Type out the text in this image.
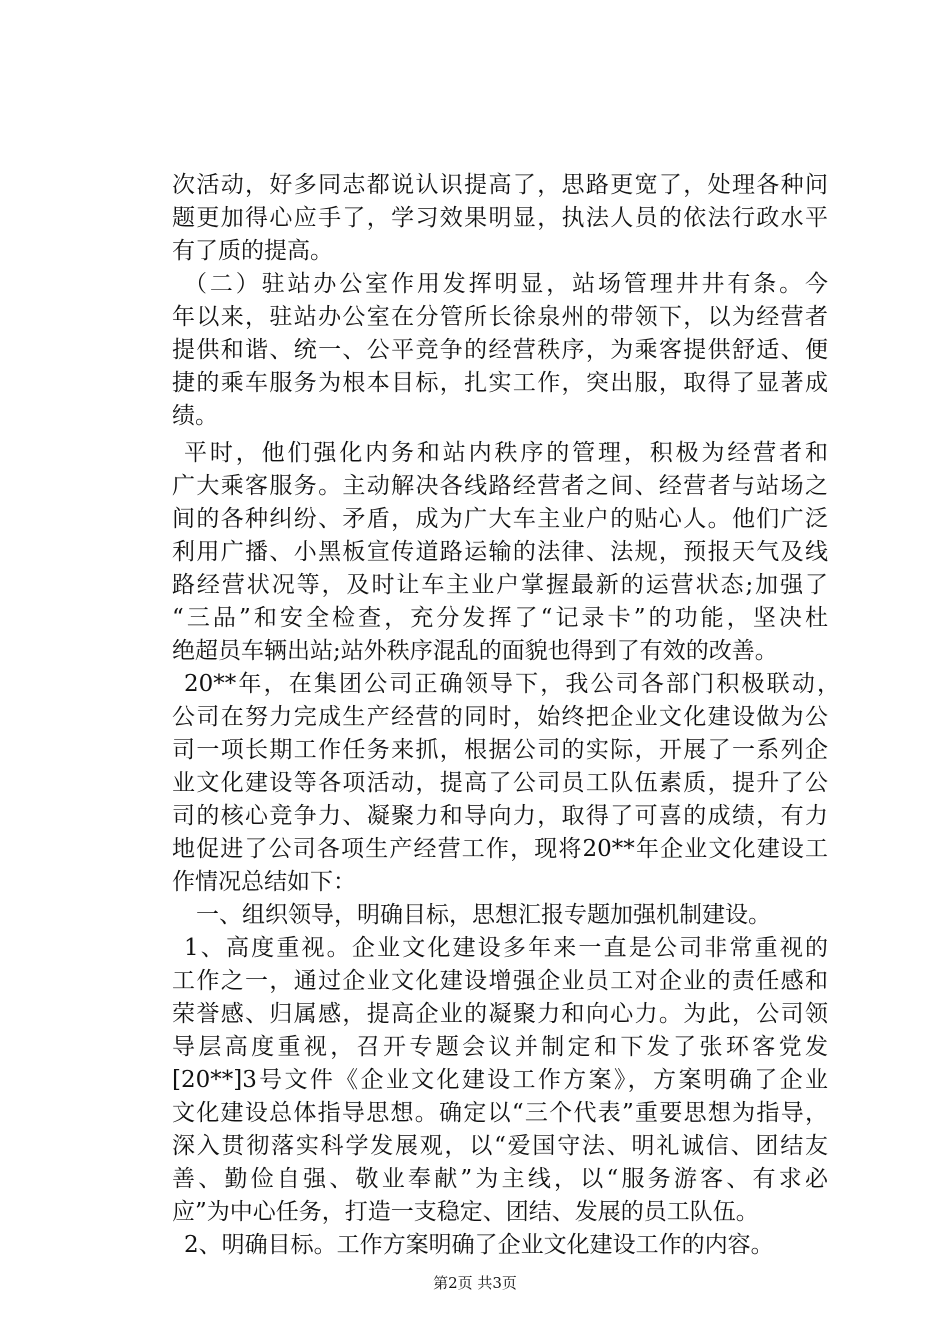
次活动，好多同志都说认识提高了，思路更宽了，处理各种问
题更加得心应手了，学习效果明显，执法人员的依法行政水平
有了质的提高。
（二）驻站办公室作用发挥明显，站场管理井井有条。今
年以来，驻站办公室在分管所长徐泉州的带领下，以为经营者
提供和谐、统一、公平竞争的经营秩序，为乘客提供舒适、便
捷的乘车服务为根本目标，扎实工作，突出服，取得了显著成
绩。
平时，他们强化内务和站内秩序的管理，积极为经营者和
广大乘客服务。主动解决各线路经营者之间、经营者与站场之
间的各种纠纷、矛盾，成为广大车主业户的贴心人。他们广泛
利用广播、小黑板宣传道路运输的法律、法规，预报天气及线
路经营状况等，及时让车主业户掌握最新的运营状态;加强了
“三品”和安全检查，充分发挥了“记录卡”的功能，坚决杜
绝超员车辆出站;站外秩序混乱的面貌也得到了有效的改善。
20**年，在集团公司正确领导下，我公司各部门积极联动，
公司在努力完成生产经营的同时，始终把企业文化建设做为公
司一项长期工作任务来抓，根据公司的实际，开展了一系列企
业文化建设等各项活动，提高了公司员工队伍素质，提升了公
司的核心竞争力、凝聚力和导向力，取得了可喜的成绩，有力
地促进了公司各项生产经营工作，现将20**年企业文化建设工
作情况总结如下：
一、组织领导，明确目标，思想汇报专题加强机制建设。
1、高度重视。企业文化建设多年来一直是公司非常重视的
工作之一，通过企业文化建设增强企业员工对企业的责任感和
荣誉感、归属感，提高企业的凝聚力和向心力。为此，公司领
导层高度重视，召开专题会议并制定和下发了张环客党发
[20**]3号文件《企业文化建设工作方案》，方案明确了企业
文化建设总体指导思想。确定以“三个代表”重要思想为指导，
深入贯彻落实科学发展观，以“爱国守法、明礼诚信、团结友
善、勤俭自强、敬业奉献”为主线，以“服务游客、有求必
应”为中心任务，打造一支稳定、团结、发展的员工队伍。
2、明确目标。工作方案明确了企业文化建设工作的内容。
第2页 共3页
